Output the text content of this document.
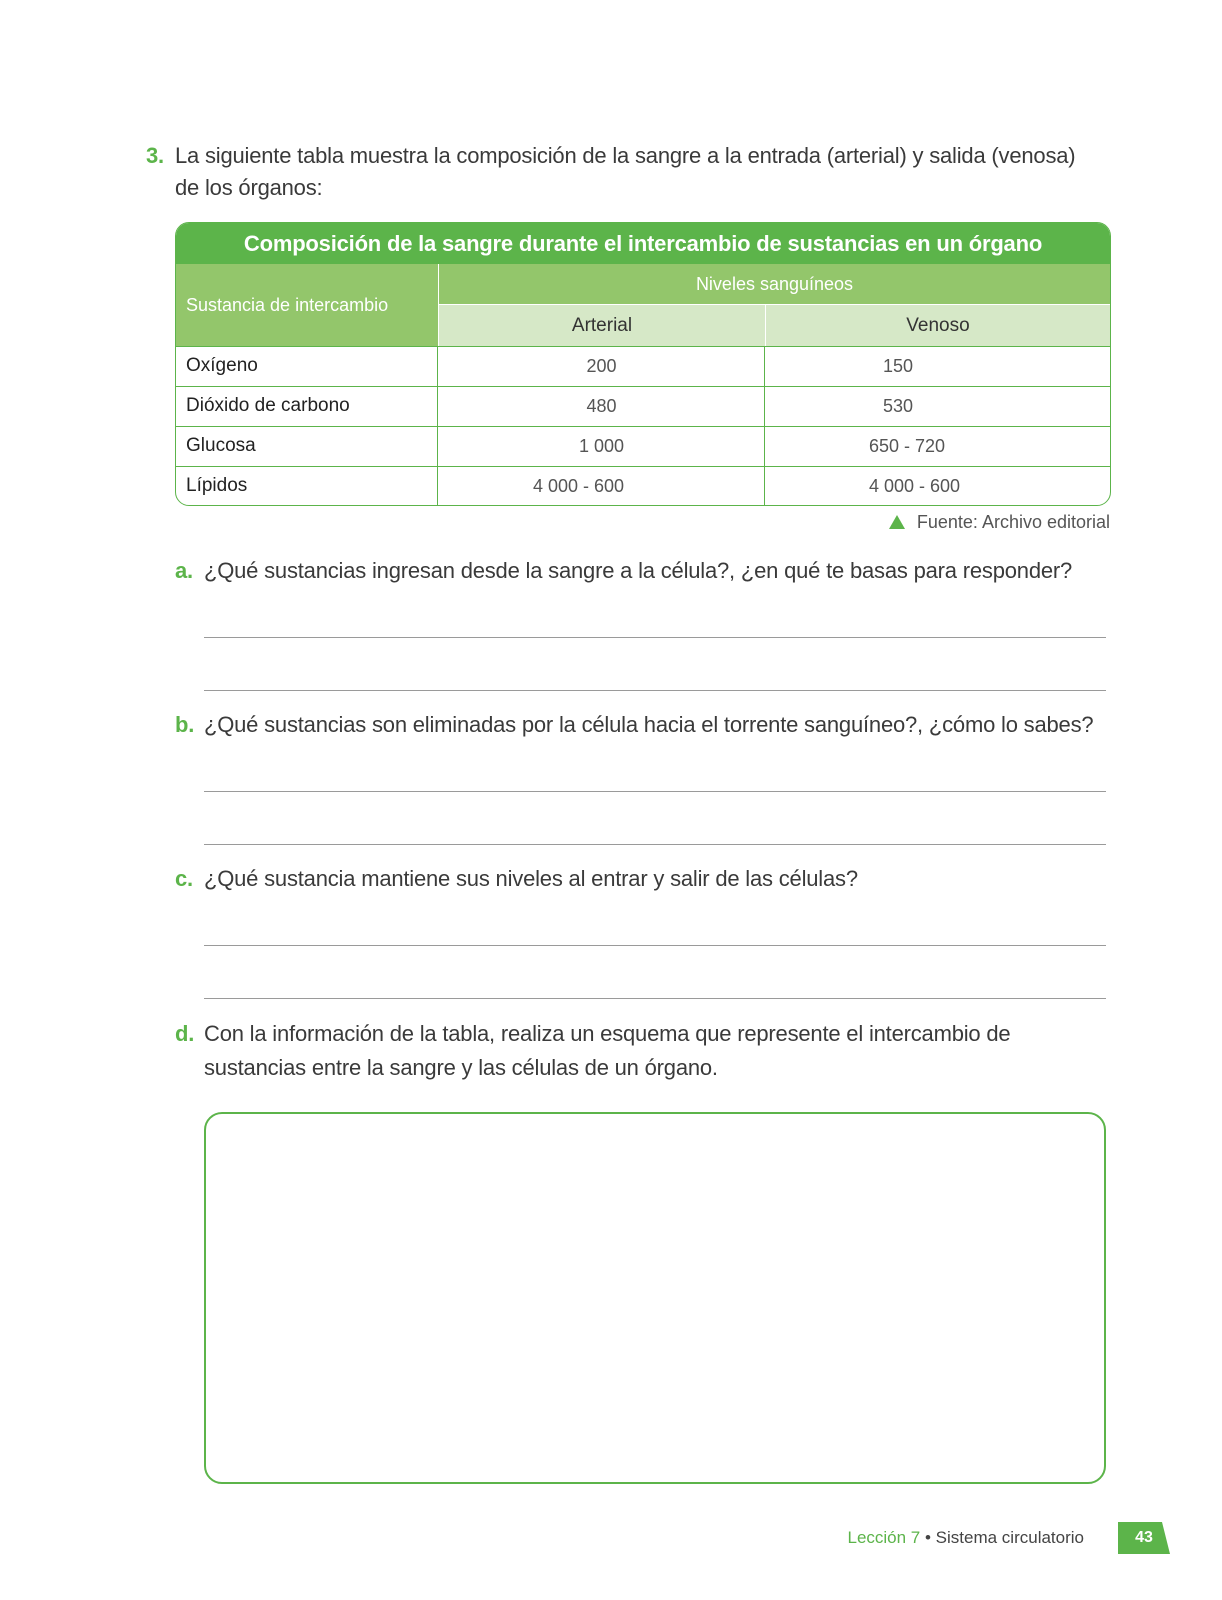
3. La siguiente tabla muestra la composición de la sangre a la entrada (arterial) y salida (venosa) de los órganos:
Composición de la sangre durante el intercambio de sustancias en un órgano
Sustancia de intercambio
Niveles sanguíneos
Arterial	Venoso
Oxígeno	200	150
Dióxido de carbono	480	530
Glucosa	1 000	650 - 720
Lípidos	4 000 - 600	4 000 - 600
Fuente: Archivo editorial
a. ¿Qué sustancias ingresan desde la sangre a la célula?, ¿en qué te basas para responder?
b. ¿Qué sustancias son eliminadas por la célula hacia el torrente sanguíneo?, ¿cómo lo sabes?
c. ¿Qué sustancia mantiene sus niveles al entrar y salir de las células?
d. Con la información de la tabla, realiza un esquema que represente el intercambio de sustancias entre la sangre y las células de un órgano.
Lección 7 • Sistema circulatorio	43
